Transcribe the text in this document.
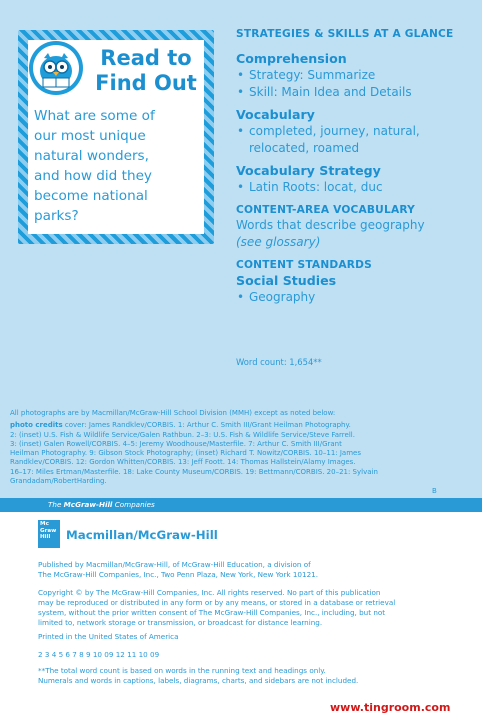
Read to
Find Out
What are some of
our most unique
natural wonders,
and how did they
become national
parks?
STRATEGIES & SKILLS AT A GLANCE
Comprehension
• Strategy: Summarize
• Skill: Main Idea and Details
Vocabulary
• completed, journey, natural,
relocated, roamed
Vocabulary Strategy
• Latin Roots: locat, duc
CONTENT-AREA VOCABULARY
Words that describe geography
(see glossary)
CONTENT STANDARDS
Social Studies
• Geography
Word count: 1,654**
All photographs are by Macmillan/McGraw-Hill School Division (MMH) except as noted below:
photo credits cover: James Randklev/CORBIS. 1: Arthur C. Smith III/Grant Heilman Photography.
2: (inset) U.S. Fish & Wildlife Service/Galen Rathbun. 2–3: U.S. Fish & Wildlife Service/Steve Farrell.
3: (inset) Galen Rowell/CORBIS. 4–5: Jeremy Woodhouse/Masterfile. 7: Arthur C. Smith III/Grant
Heilman Photography. 9: Gibson Stock Photography; (inset) Richard T. Nowitz/CORBIS. 10–11: James
Randklev/CORBIS. 12: Gordon Whitten/CORBIS. 13: Jeff Foott. 14: Thomas Hallstein/Alamy Images.
16–17: Miles Ertman/Masterfile. 18: Lake County Museum/CORBIS. 19: Bettmann/CORBIS. 20–21: Sylvain
Grandadam/RobertHarding.
B
The McGraw-Hill Companies
Mc
Graw
Hill	Macmillan/McGraw-Hill
Published by Macmillan/McGraw-Hill, of McGraw-Hill Education, a division of
The McGraw-Hill Companies, Inc., Two Penn Plaza, New York, New York 10121.
Copyright © by The McGraw-Hill Companies, Inc. All rights reserved. No part of this publication
may be reproduced or distributed in any form or by any means, or stored in a database or retrieval
system, without the prior written consent of The McGraw-Hill Companies, Inc., including, but not
limited to, network storage or transmission, or broadcast for distance learning.
Printed in the United States of America
2 3 4 5 6 7 8 9 10 09 12 11 10 09
**The total word count is based on words in the running text and headings only.
Numerals and words in captions, labels, diagrams, charts, and sidebars are not included.
www.tingroom.com
